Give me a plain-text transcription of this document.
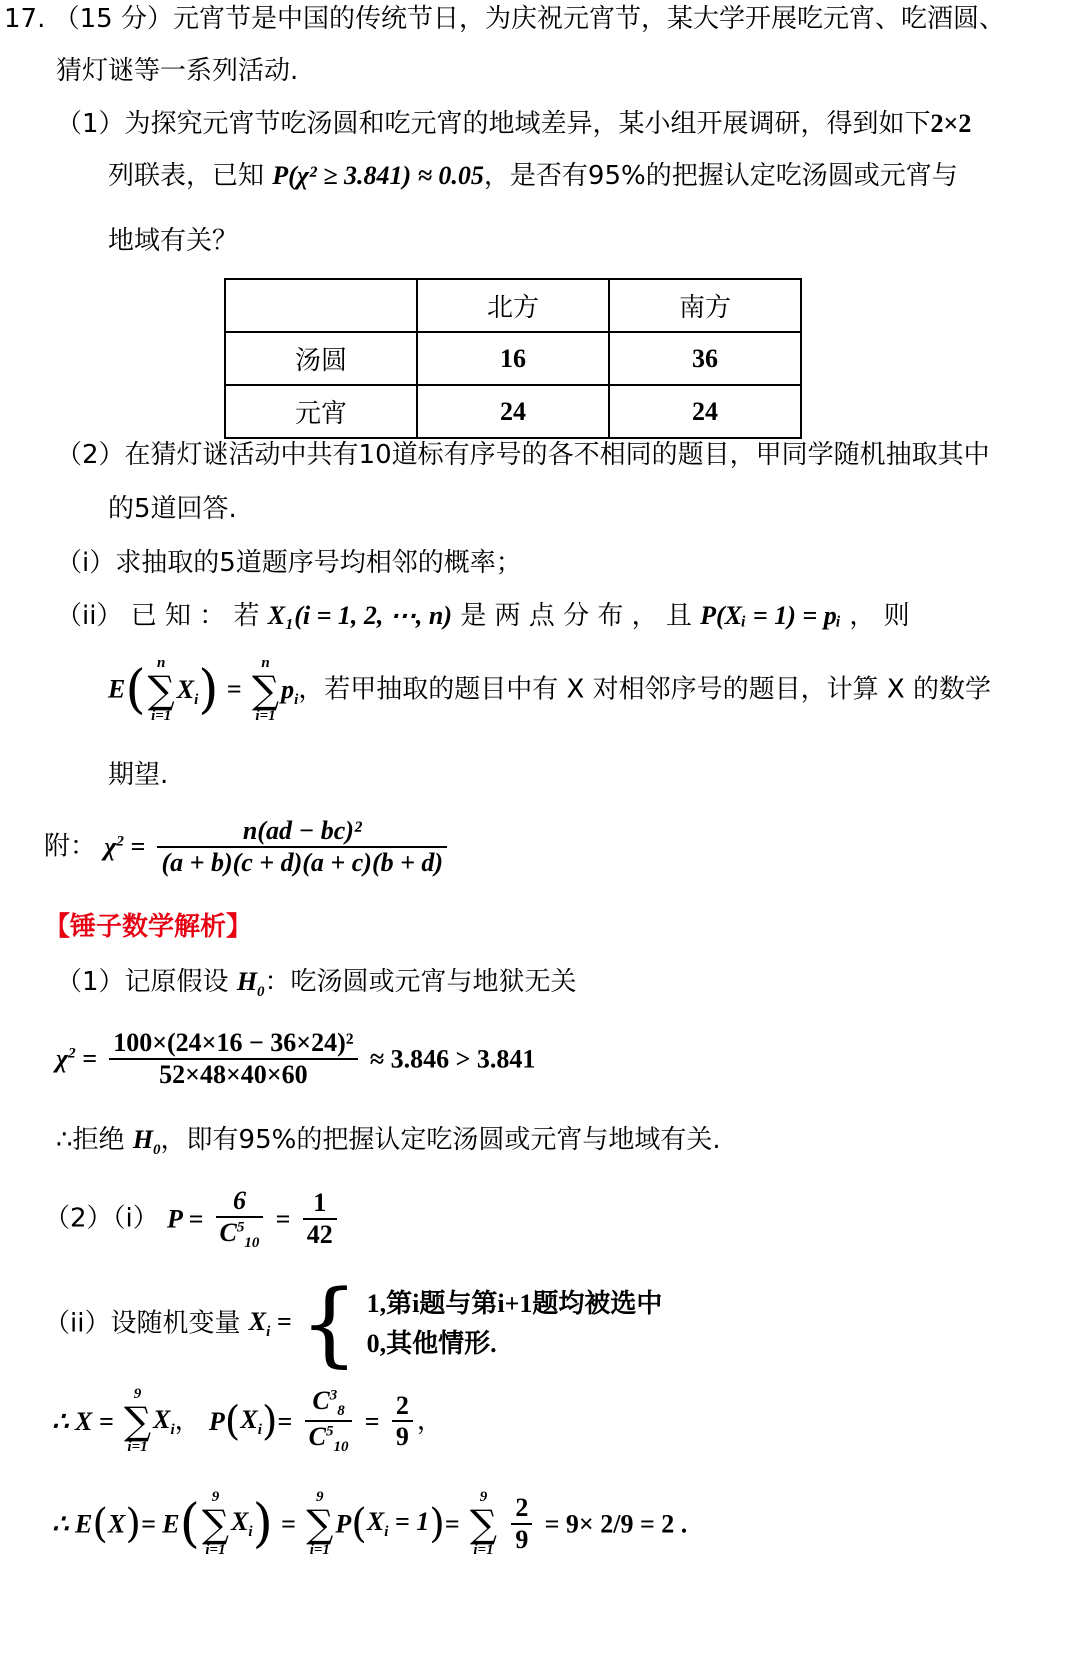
17. （15 分）元宵节是中国的传统节日，为庆祝元宵节，某大学开展吃元宵、吃酒圆、
猜灯谜等一系列活动.
（1）为探究元宵节吃汤圆和吃元宵的地域差异，某小组开展调研，得到如下2×2
列联表，已知 P(χ² ≥ 3.841) ≈ 0.05，是否有95%的把握认定吃汤圆或元宵与
地域有关？
	北方	南方
汤圆	16	36
元宵	24	24
（2）在猜灯谜活动中共有10道标有序号的各不相同的题目，甲同学随机抽取其中
的5道回答.
（i）求抽取的5道题序号均相邻的概率；
（ii） 已 知 ： 若 X₁(i = 1, 2, ⋯, n) 是 两 点 分 布 ， 且 P(Xᵢ = 1) = pᵢ ， 则
E( n
∑
i=1
$X_i$) =
n
∑
i=1
$p_i$，若甲抽取的题目中有 X 对相邻序号的题目，计算 X 的数学
期望.
附： $\chi^2 = \frac{\text{n(ad − bc)²}}{(a + b)(c + d)(a + c)(b + d)}$
【锤子数学解析】
（1）记原假设 $H_0$：吃汤圆或元宵与地狱无关
$\chi^2 = \frac{\text{100×(24×16 − 36×24)²}}{52\times 48\times 40\times 60} \approx 3.846 > 3.841$
∴拒绝 $H_0$，即有95%的把握认定吃汤圆或元宵与地域有关.
（2）（i） $P = \frac{6}{C^5_{10}} = \frac{1}{42}$
（ii）设随机变量 $X_i$ = { 1,第i题与第i+1题均被选中
0,其他情形.
∴ X =
9
∑
i=1
$X_i$， $P(X_i)= \frac{C^3_8}{C^5_{10}} = \frac{2}{9}$ ，
∴ E(X)= E( 9
∑
i=1
$X_i$) =
9
∑
i=1
$P(X_i = 1)=$
9
∑
i=1
$\frac{2}{9} = 9\times 2/9 = 2$ .
